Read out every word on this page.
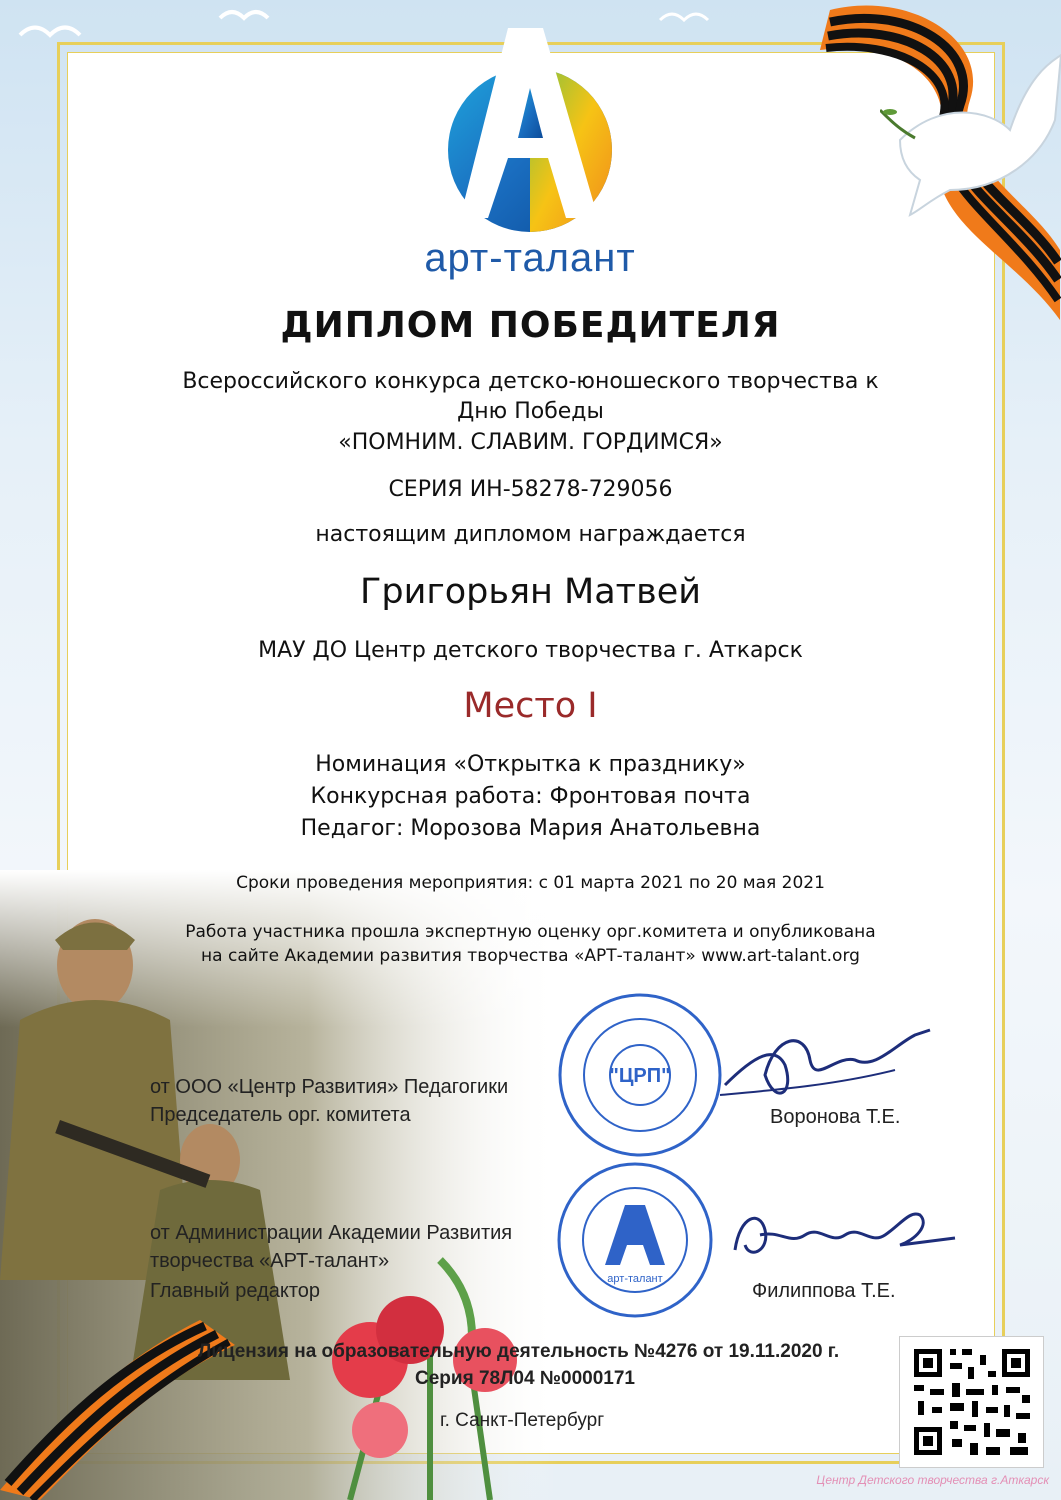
арт-талант
ДИПЛОМ ПОБЕДИТЕЛЯ
Всероссийского конкурса детско-юношеского творчества к
Дню Победы
«ПОМНИМ. СЛАВИМ. ГОРДИМСЯ»
СЕРИЯ ИН-58278-729056
настоящим дипломом награждается
Григорьян Матвей
МАУ ДО Центр детского творчества г. Аткарск
Место I
Номинация «Открытка к празднику»
Конкурсная работа: Фронтовая почта
Педагог: Морозова Мария Анатольевна
Сроки проведения мероприятия: с 01 марта 2021 по 20 мая 2021
Работа участника прошла экспертную оценку орг.комитета и опубликована
на сайте Академии развития творчества «АРТ-талант» www.art-talant.org
от ООО «Центр Развития» Педагогики
Председатель орг. комитета	Воронова Т.Е.
"ЦРП"
от Администрации Академии Развития
творчества «АРТ-талант»
Главный редактор	Филиппова Т.Е.
арт-талант
Лицензия на образовательную деятельность №4276 от 19.11.2020 г.
Серия 78Л04 №0000171
г. Санкт-Петербург
Центр Детского творчества г.Аткарск
